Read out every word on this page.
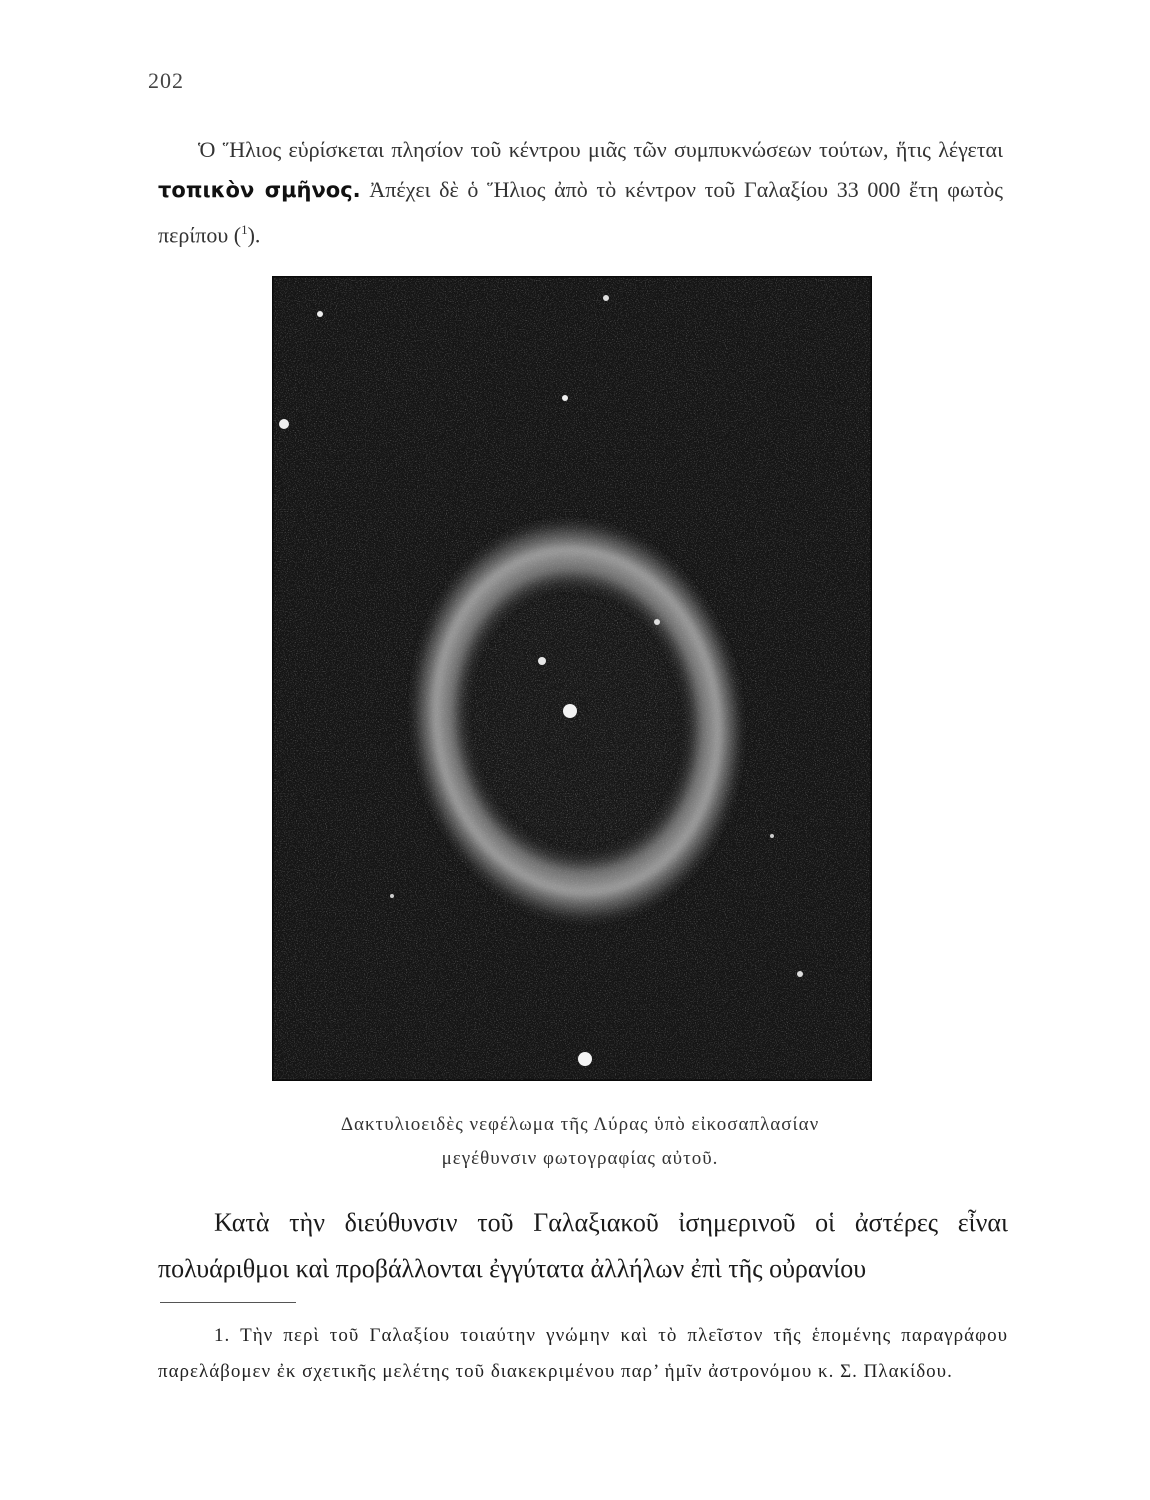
202
Ὁ Ἥλιος εὑρίσκεται πλησίον τοῦ κέντρου μιᾶς τῶν συμπυκνώσεων τούτων, ἥτις λέγεται τοπικὸν σμῆνος. Ἀπέχει δὲ ὁ Ἥλιος ἀπὸ τὸ κέντρον τοῦ Γαλαξίου 33 000 ἔτη φωτὸς περίπου ($^1$).
Δακτυλιοειδὲς νεφέλωμα τῆς Λύρας ὑπὸ εἰκοσαπλασίαν
μεγέθυνσιν φωτογραφίας αὐτοῦ.
Κατὰ τὴν διεύθυνσιν τοῦ Γαλαξιακοῦ ἰσημερινοῦ οἱ ἀστέρες εἶναι πολυάριθμοι καὶ προβάλλονται ἐγγύτατα ἀλλήλων ἐπὶ τῆς οὐρανίου
1. Τὴν περὶ τοῦ Γαλαξίου τοιαύτην γνώμην καὶ τὸ πλεῖστον τῆς ἑπομένης παραγράφου παρελάβομεν ἐκ σχετικῆς μελέτης τοῦ διακεκριμένου παρ’ ἡμῖν ἀστρονόμου κ. Σ. Πλακίδου.
